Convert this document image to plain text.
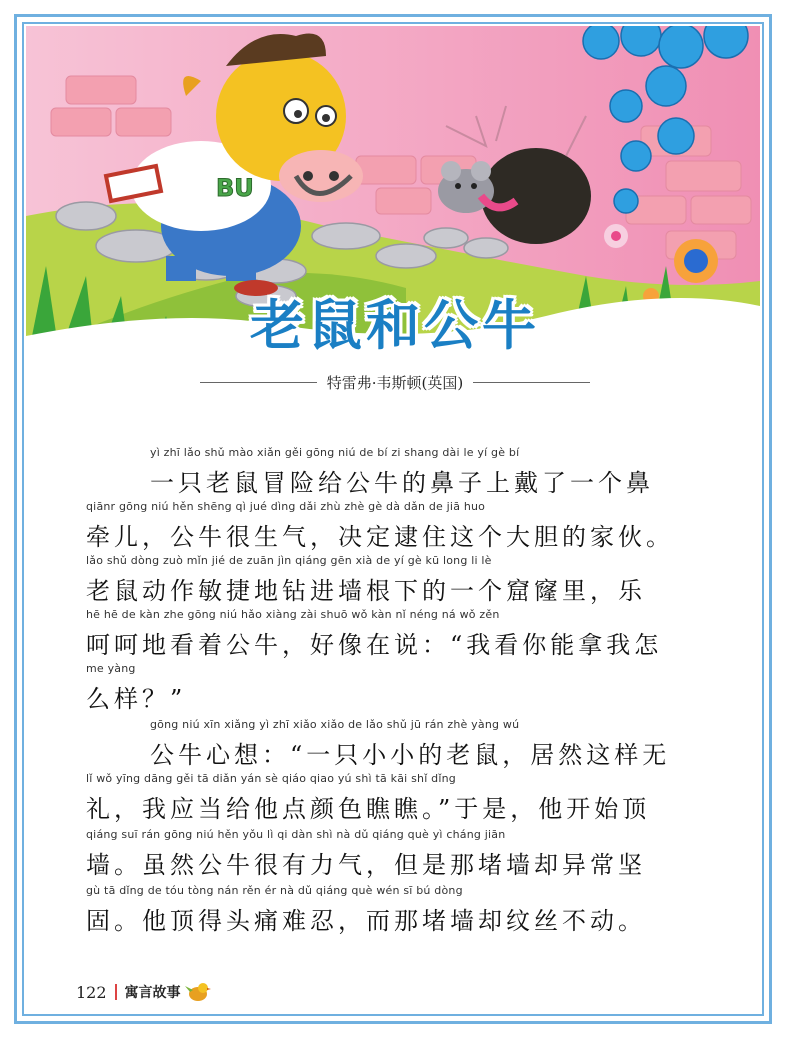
BU
老鼠和公牛
特雷弗·韦斯顿(英国)
yì zhī lǎo shǔ mào xiǎn gěi gōng niú de bí zi shang dài le yí gè bí
一只老鼠冒险给公牛的鼻子上戴了一个鼻
qiānr gōng niú hěn shēng qì jué dìng dǎi zhù zhè gè dà dǎn de jiā huo
牵儿，公牛很生气，决定逮住这个大胆的家伙。
lǎo shǔ dòng zuò mǐn jié de zuān jìn qiáng gēn xià de yí gè kū long li lè
老鼠动作敏捷地钻进墙根下的一个窟窿里，乐
hē hē de kàn zhe gōng niú hǎo xiàng zài shuō wǒ kàn nǐ néng ná wǒ zěn
呵呵地看着公牛，好像在说：“我看你能拿我怎
me yàng
么样？”
gōng niú xīn xiǎng yì zhī xiǎo xiǎo de lǎo shǔ jū rán zhè yàng wú
公牛心想：“一只小小的老鼠，居然这样无
lǐ wǒ yīng dāng gěi tā diǎn yán sè qiáo qiao yú shì tā kāi shǐ dǐng
礼，我应当给他点颜色瞧瞧。”于是，他开始顶
qiáng suī rán gōng niú hěn yǒu lì qi dàn shì nà dǔ qiáng què yì cháng jiān
墙。虽然公牛很有力气，但是那堵墙却异常坚
gù tā dǐng de tóu tòng nán rěn ér nà dǔ qiáng què wén sī bú dòng
固。他顶得头痛难忍，而那堵墙却纹丝不动。
122 寓言故事
